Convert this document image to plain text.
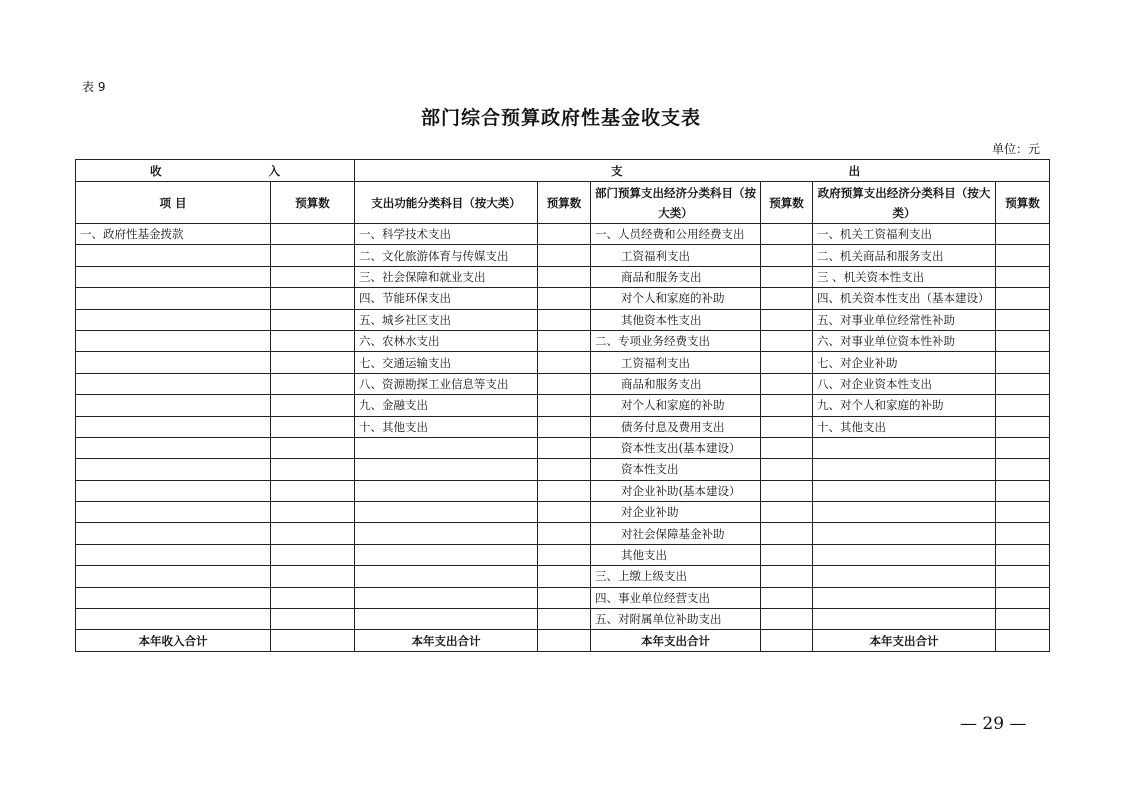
表 9
部门综合预算政府性基金收支表
单位：元
收 入		支 出					

项 目	预算数	支出功能分类科目（按大类）	预算数	部门预算支出经济分类科目（按大类）	预算数	政府预算支出经济分类科目（按大类）	预算数
一、政府性基金拨款		一、科学技术支出		一、人员经费和公用经费支出		一、机关工资福利支出	
		二、文化旅游体育与传媒支出		工资福利支出		二、机关商品和服务支出	
		三、社会保障和就业支出		商品和服务支出		三 、机关资本性支出	
		四、节能环保支出		对个人和家庭的补助		四、机关资本性支出（基本建设）	
		五、城乡社区支出		其他资本性支出		五、对事业单位经常性补助	
		六、农林水支出		二、专项业务经费支出		六、对事业单位资本性补助	
		七、交通运输支出		工资福利支出		七、对企业补助	
		八、资源勘探工业信息等支出		商品和服务支出		八、对企业资本性支出	
		九、金融支出		对个人和家庭的补助		九、对个人和家庭的补助	
		十、其他支出		债务付息及费用支出		十、其他支出	
				资本性支出(基本建设）			
				资本性支出			
				对企业补助(基本建设）			
				对企业补助			
				对社会保障基金补助			
				其他支出			
				三、上缴上级支出			
				四、事业单位经营支出			
				五、对附属单位补助支出			
本年收入合计		本年支出合计		本年支出合计		本年支出合计	
— 29 —
